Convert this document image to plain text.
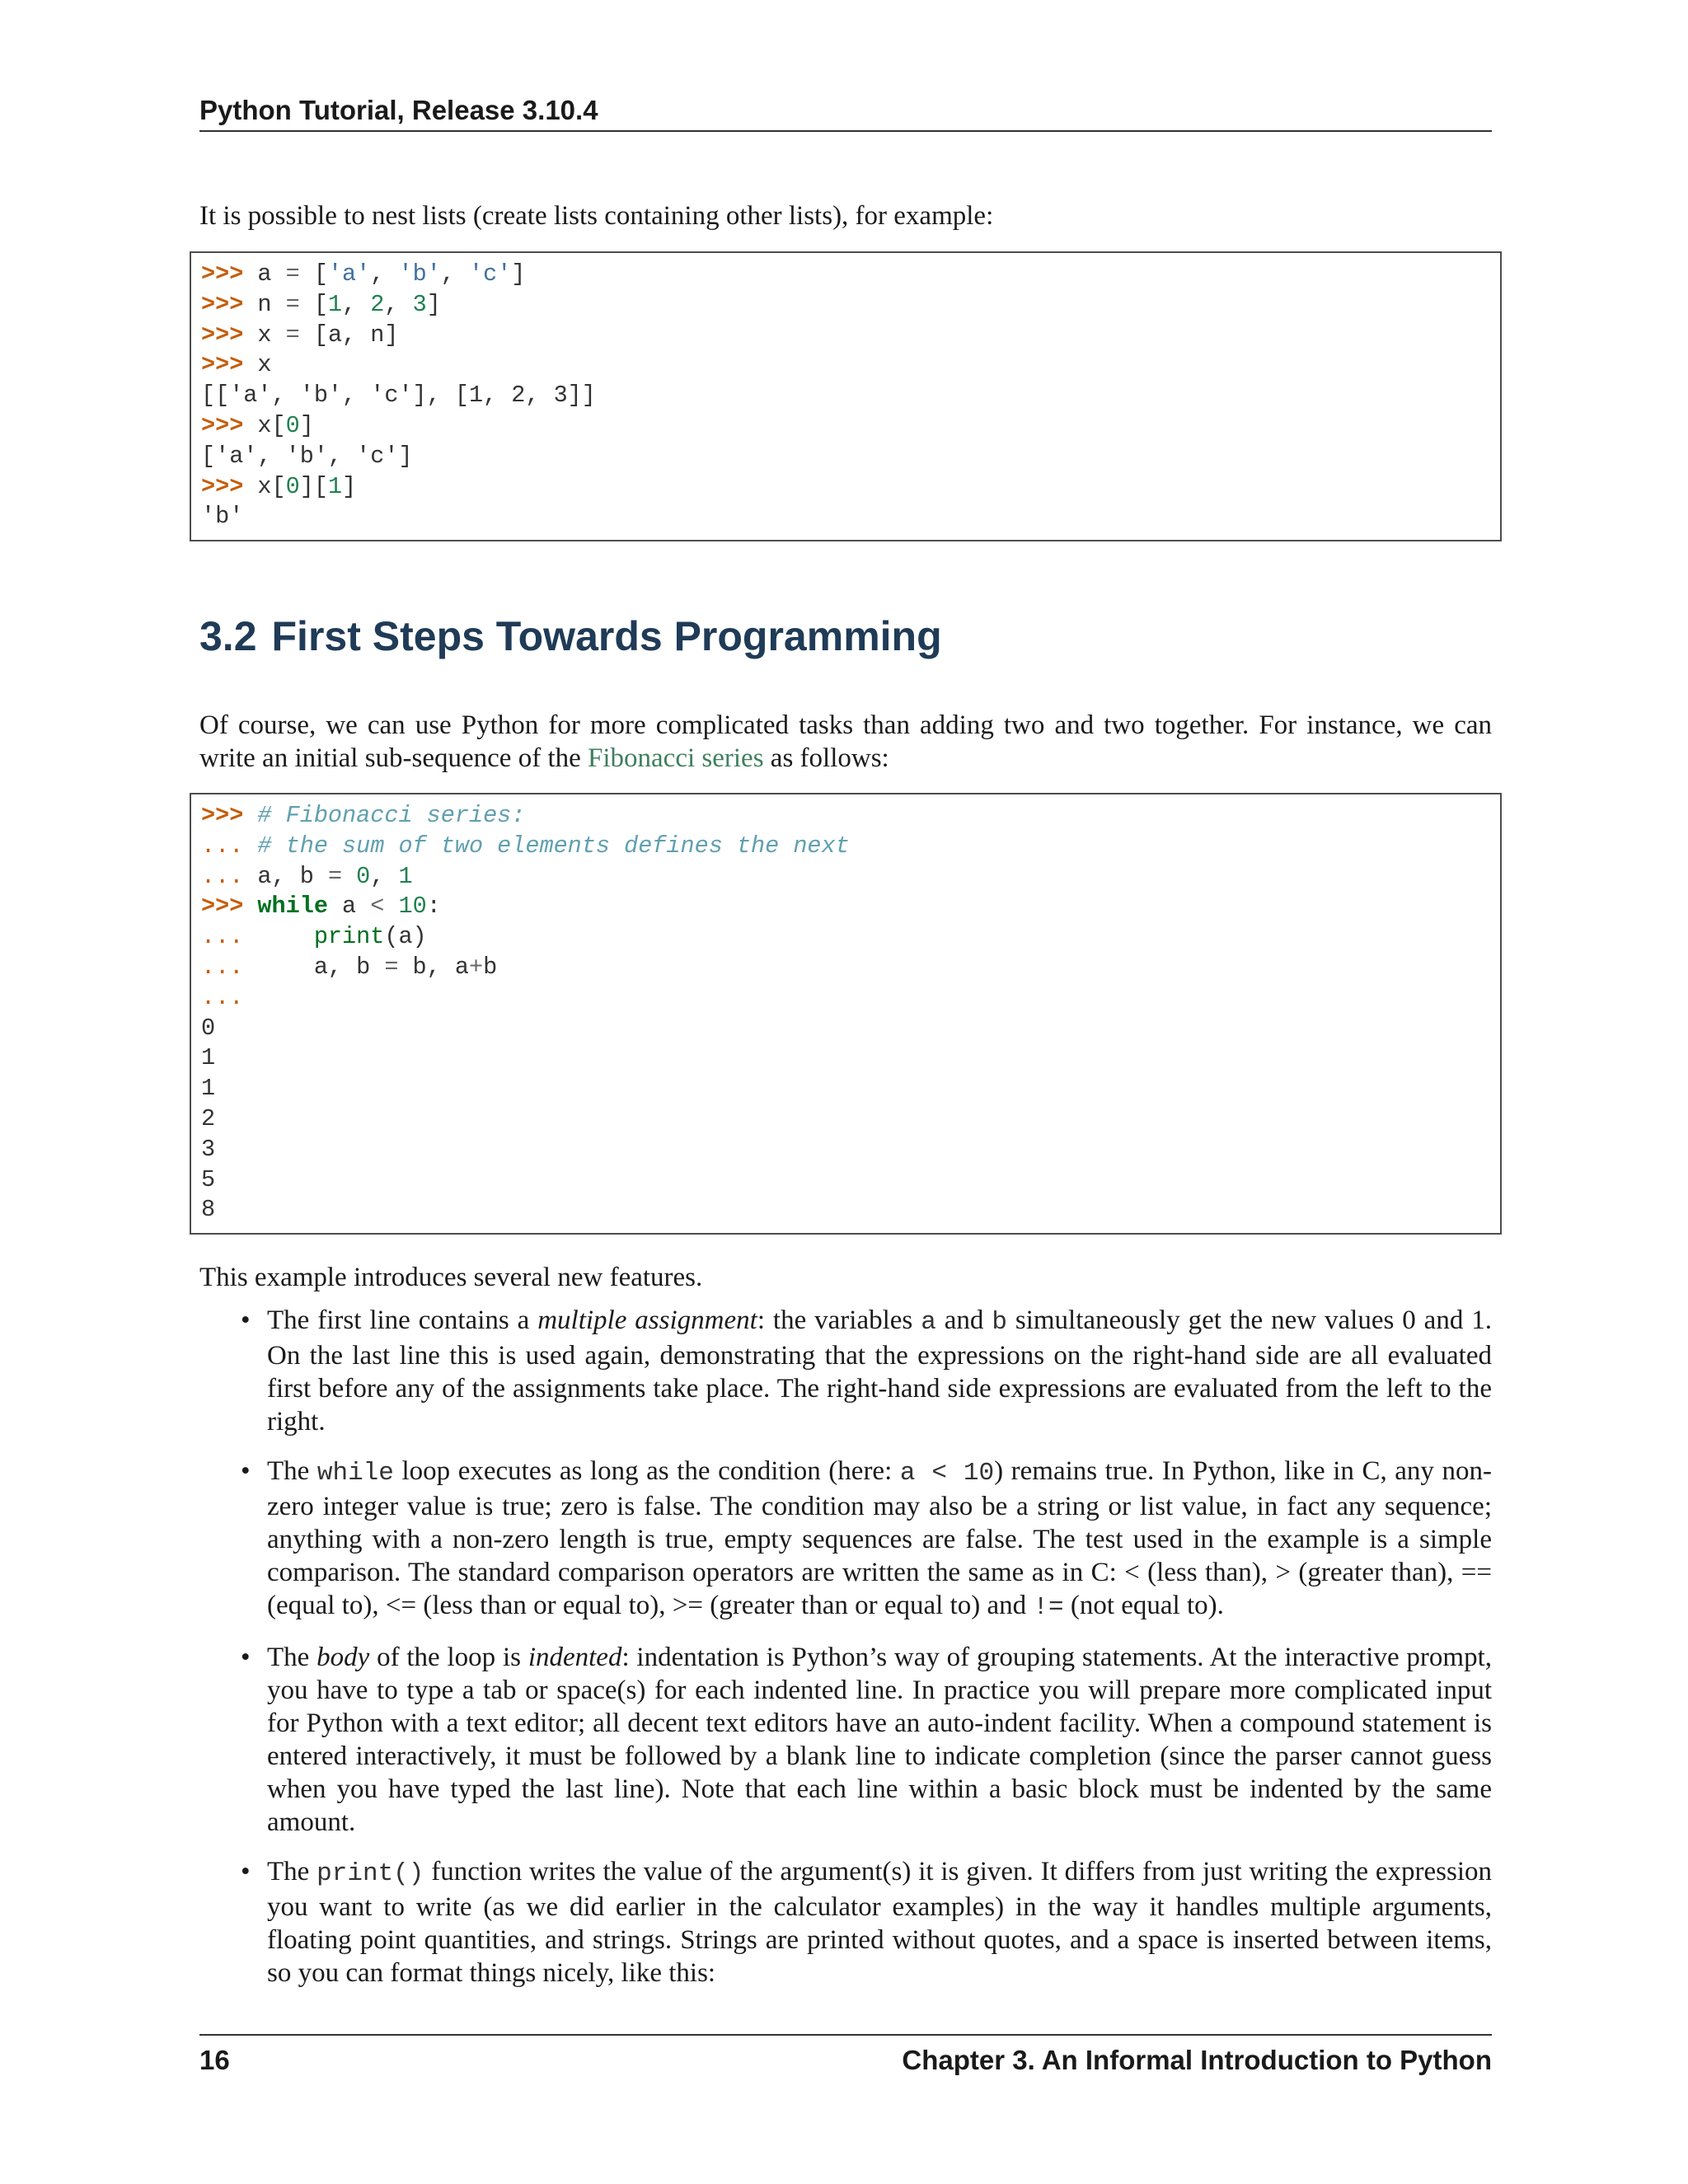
Python Tutorial, Release 3.10.4

It is possible to nest lists (create lists containing other lists), for example:

>>> a = ['a', 'b', 'c']
>>> n = [1, 2, 3]
>>> x = [a, n]
>>> x
[['a', 'b', 'c'], [1, 2, 3]]
>>> x[0]
['a', 'b', 'c']
>>> x[0][1]
'b'
3.2 First Steps Towards Programming

Of course, we can use Python for more complicated tasks than adding two and two together. For instance, we can write an initial sub-sequence of the Fibonacci series as follows:

>>> # Fibonacci series:
... # the sum of two elements defines the next
... a, b = 0, 1
>>> while a < 10:
...	print(a)
...     a, b = b, a+b
...
0
1
1
2
3
5
8

This example introduces several new features.

• The first line contains a multiple assignment: the variables a and b simultaneously get the new values 0 and 1. On the last line this is used again, demonstrating that the expressions on the right-hand side are all evaluated first before any of the assignments take place. The right-hand side expressions are evaluated from the left to the right.
• The while loop executes as long as the condition (here: a < 10) remains true. In Python, like in C, any non-zero integer value is true; zero is false. The condition may also be a string or list value, in fact any sequence; anything with a non-zero length is true, empty sequences are false. The test used in the example is a simple comparison. The standard comparison operators are written the same as in C: < (less than), > (greater than), == (equal to), <= (less than or equal to), >= (greater than or equal to) and != (not equal to).
• The body of the loop is indented: indentation is Python’s way of grouping statements. At the interactive prompt, you have to type a tab or space(s) for each indented line. In practice you will prepare more complicated input for Python with a text editor; all decent text editors have an auto-indent facility. When a compound statement is entered interactively, it must be followed by a blank line to indicate completion (since the parser cannot guess when you have typed the last line). Note that each line within a basic block must be indented by the same amount.
• The print() function writes the value of the argument(s) it is given. It differs from just writing the expression you want to write (as we did earlier in the calculator examples) in the way it handles multiple arguments, floating point quantities, and strings. Strings are printed without quotes, and a space is inserted between items, so you can format things nicely, like this:
16	Chapter 3. An Informal Introduction to Python
